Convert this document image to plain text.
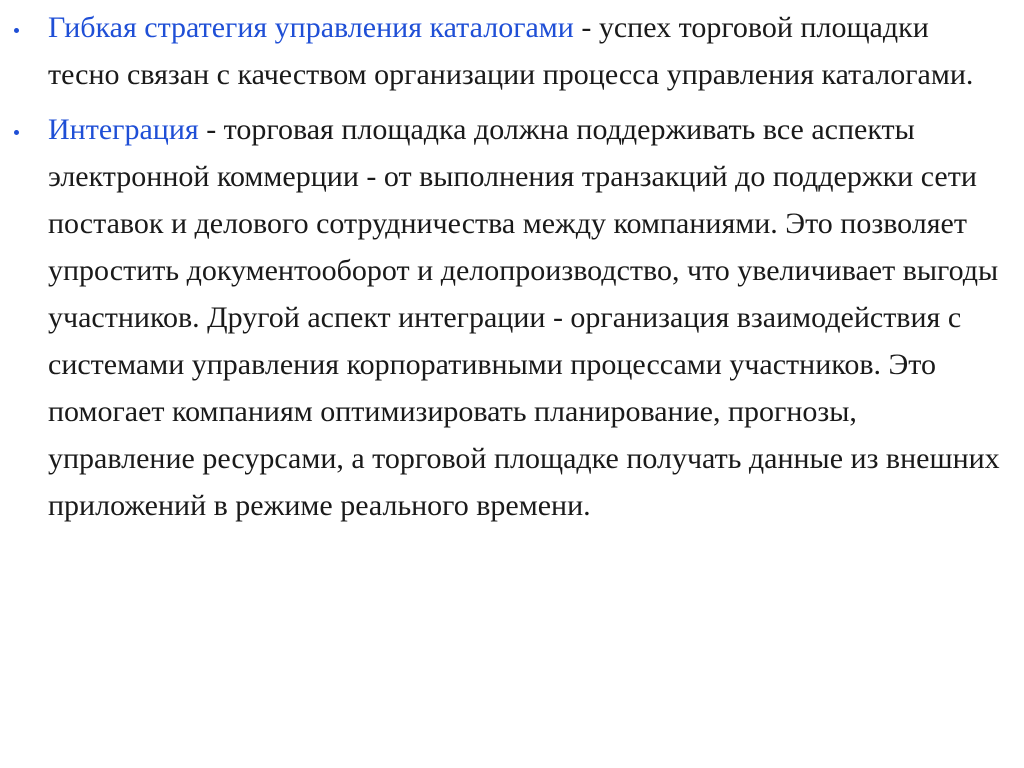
Гибкая стратегия управления каталогами - успех торговой площадки тесно связан с качеством организации процесса управления каталогами.
Интеграция - торговая площадка должна поддерживать все аспекты электронной коммерции - от выполнения транзакций до поддержки сети поставок и делового сотрудничества между компаниями. Это позволяет упростить документооборот и делопроизводство, что увеличивает выгоды участников. Другой аспект интеграции - организация взаимодействия с системами управления корпоративными процессами участников. Это помогает компаниям оптимизировать планирование, прогнозы, управление ресурсами, а торговой площадке получать данные из внешних приложений в режиме реального времени.
